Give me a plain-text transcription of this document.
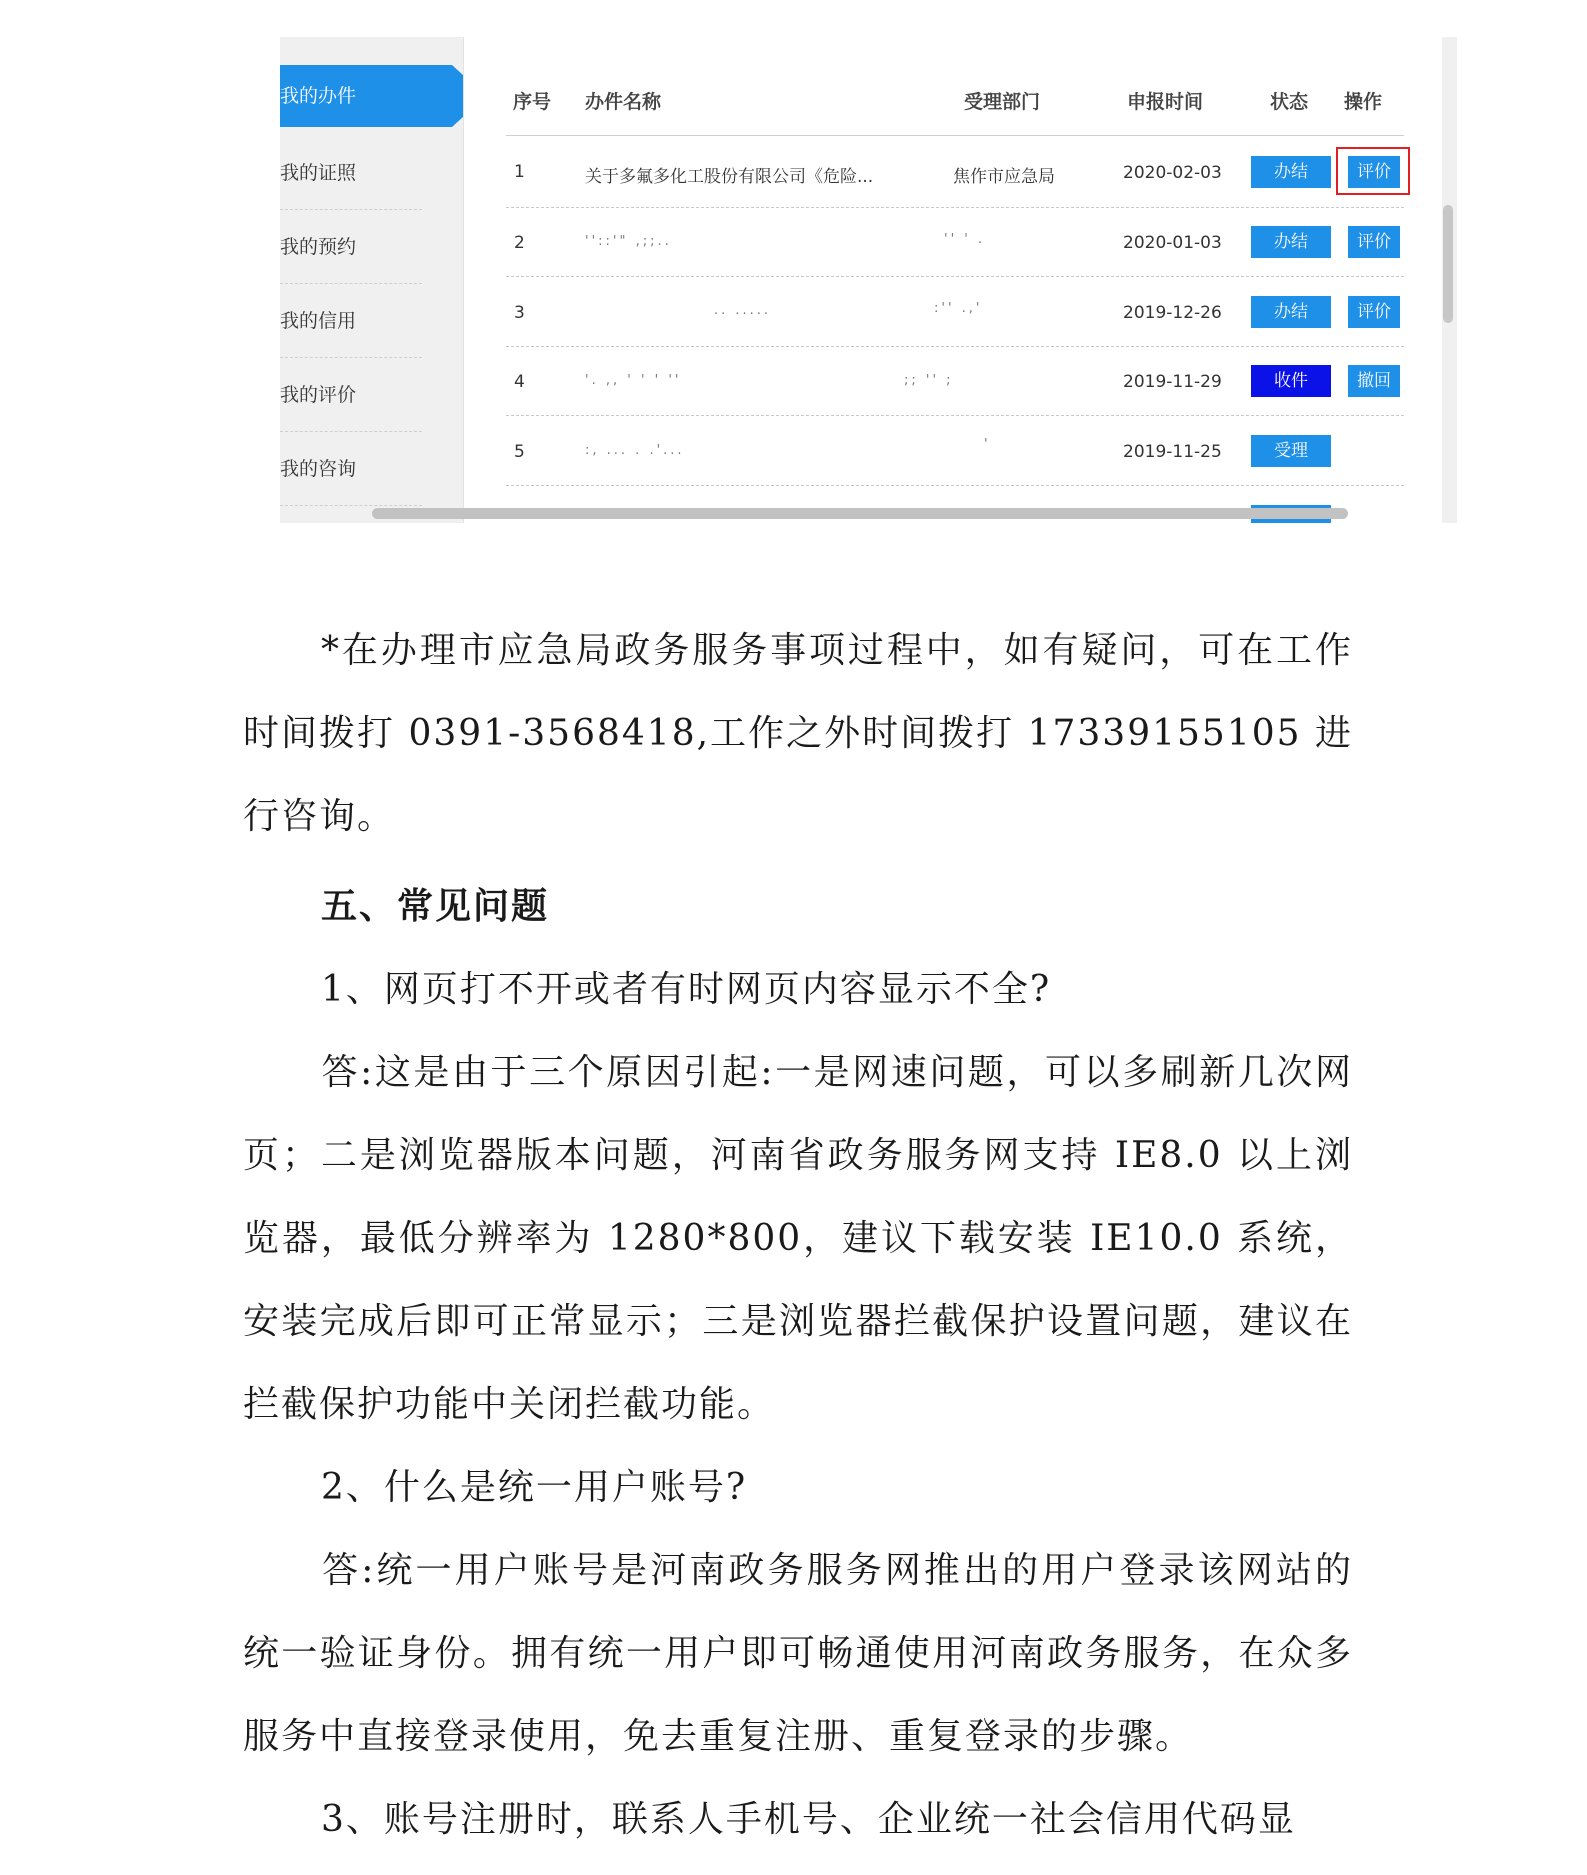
我的办件
我的证照
我的预约
我的信用
我的评价
我的咨询
序号 办件名称	受理部门	申报时间	状态 操作
1	关于多氟多化工股份有限公司《危险...	焦作市应急局	2020-02-03	办结	评价
2	''::'" ,;;..	'' ' .	2020-01-03	办结	评价
3	.. .....	:'' .,'	2019-12-26	办结	评价
4	'. ,, ' ' ' ''	;; '' ;	2019-11-29	收件	撤回
5	:, ... . .'...	'	2019-11-25	受理
*在办理市应急局政务服务事项过程中，如有疑问，可在工作时间拨打 0391-3568418,工作之外时间拨打 17339155105 进行咨询。
五、常见问题
1、网页打不开或者有时网页内容显示不全?
答:这是由于三个原因引起:一是网速问题，可以多刷新几次网页；二是浏览器版本问题，河南省政务服务网支持 IE8.0 以上浏览器，最低分辨率为 1280*800，建议下载安装 IE10.0 系统，安装完成后即可正常显示；三是浏览器拦截保护设置问题，建议在拦截保护功能中关闭拦截功能。
2、什么是统一用户账号?
答:统一用户账号是河南政务服务网推出的用户登录该网站的统一验证身份。拥有统一用户即可畅通使用河南政务服务，在众多服务中直接登录使用，免去重复注册、重复登录的步骤。
3、账号注册时，联系人手机号、企业统一社会信用代码显
